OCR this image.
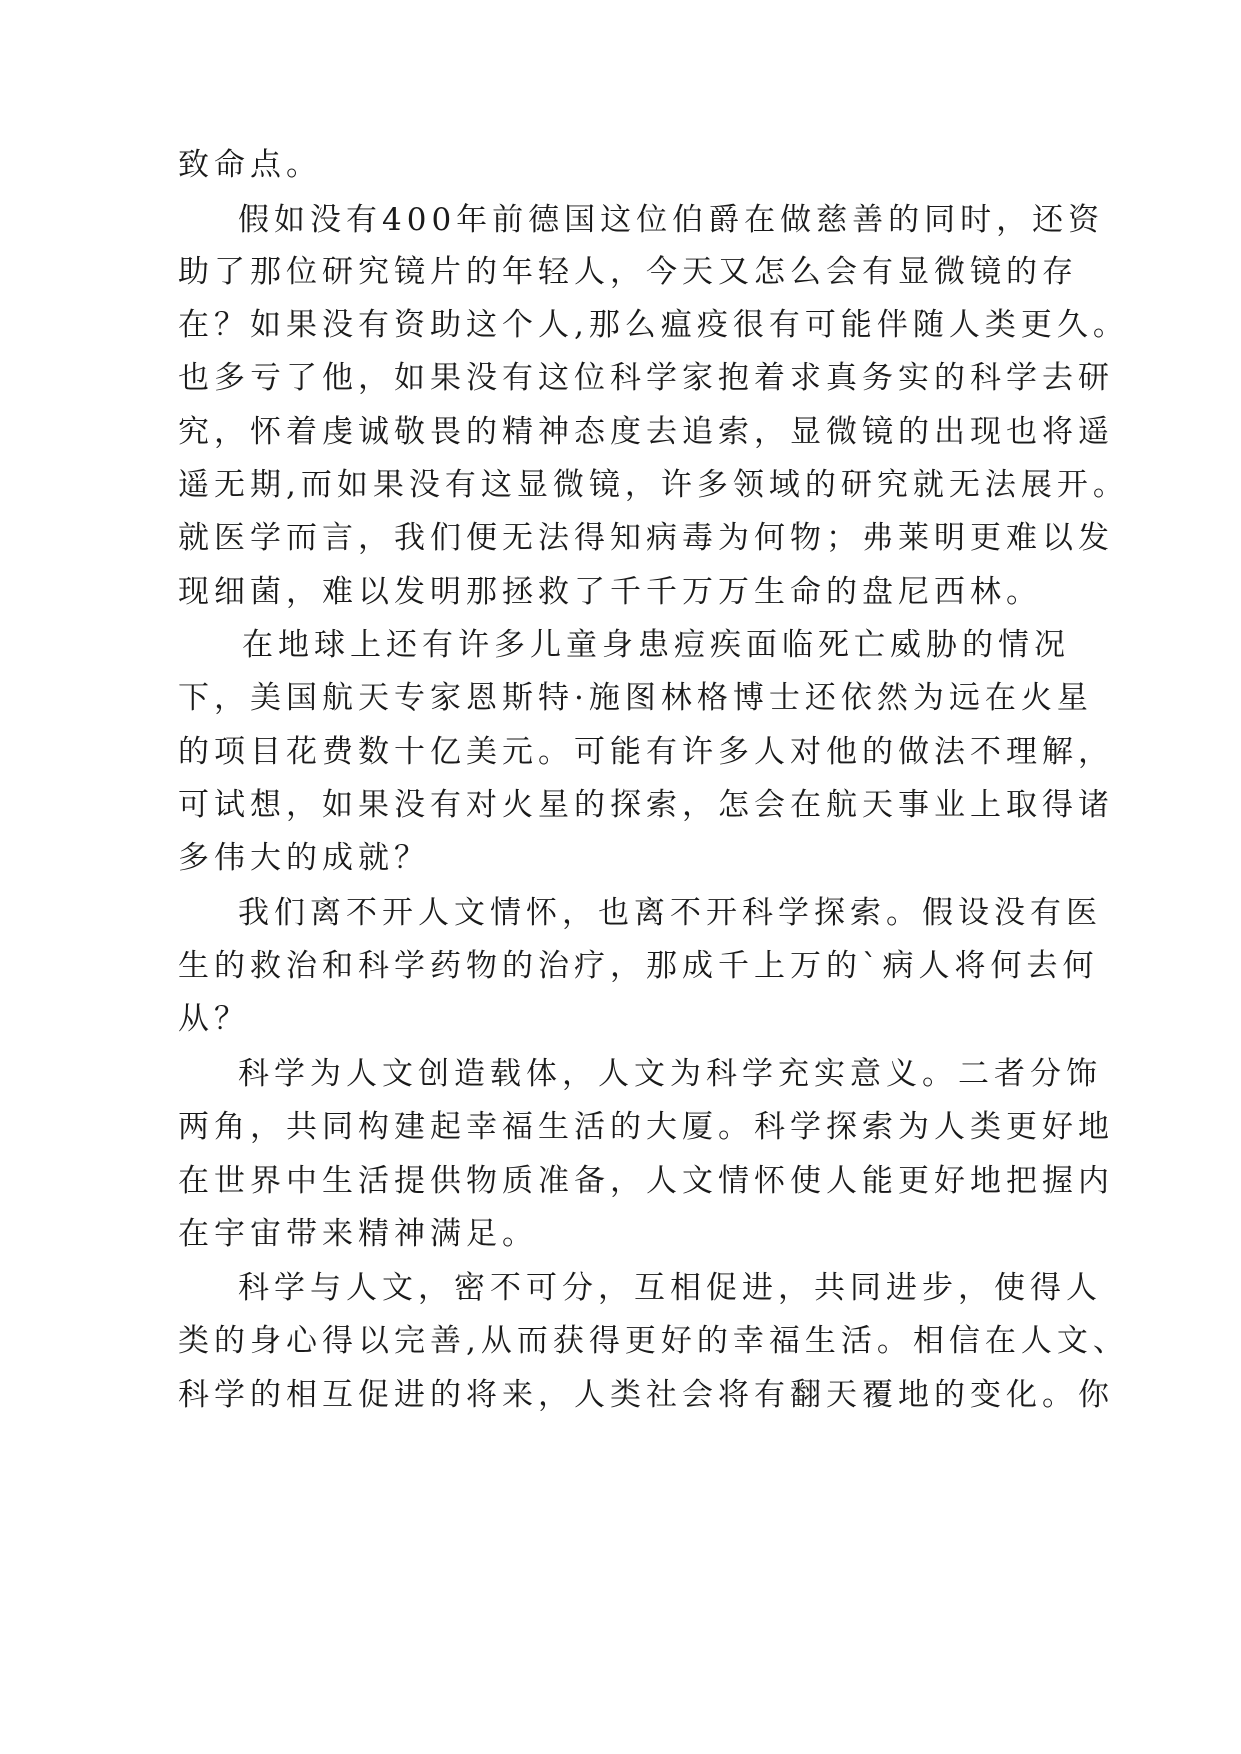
致命点。
假如没有400年前德国这位伯爵在做慈善的同时，还资
助了那位研究镜片的年轻人，今天又怎么会有显微镜的存
在？如果没有资助这个人,那么瘟疫很有可能伴随人类更久。
也多亏了他，如果没有这位科学家抱着求真务实的科学去研
究，怀着虔诚敬畏的精神态度去追索，显微镜的出现也将遥
遥无期,而如果没有这显微镜，许多领域的研究就无法展开。
就医学而言，我们便无法得知病毒为何物；弗莱明更难以发
现细菌，难以发明那拯救了千千万万生命的盘尼西林。
在地球上还有许多儿童身患痘疾面临死亡威胁的情况
下，美国航天专家恩斯特·施图林格博士还依然为远在火星
的项目花费数十亿美元。可能有许多人对他的做法不理解，
可试想，如果没有对火星的探索，怎会在航天事业上取得诸
多伟大的成就？
我们离不开人文情怀，也离不开科学探索。假设没有医
生的救治和科学药物的治疗，那成千上万的`病人将何去何
从？
科学为人文创造载体，人文为科学充实意义。二者分饰
两角，共同构建起幸福生活的大厦。科学探索为人类更好地
在世界中生活提供物质准备，人文情怀使人能更好地把握内
在宇宙带来精神满足。
科学与人文，密不可分，互相促进，共同进步，使得人
类的身心得以完善,从而获得更好的幸福生活。相信在人文、
科学的相互促进的将来，人类社会将有翻天覆地的变化。你
